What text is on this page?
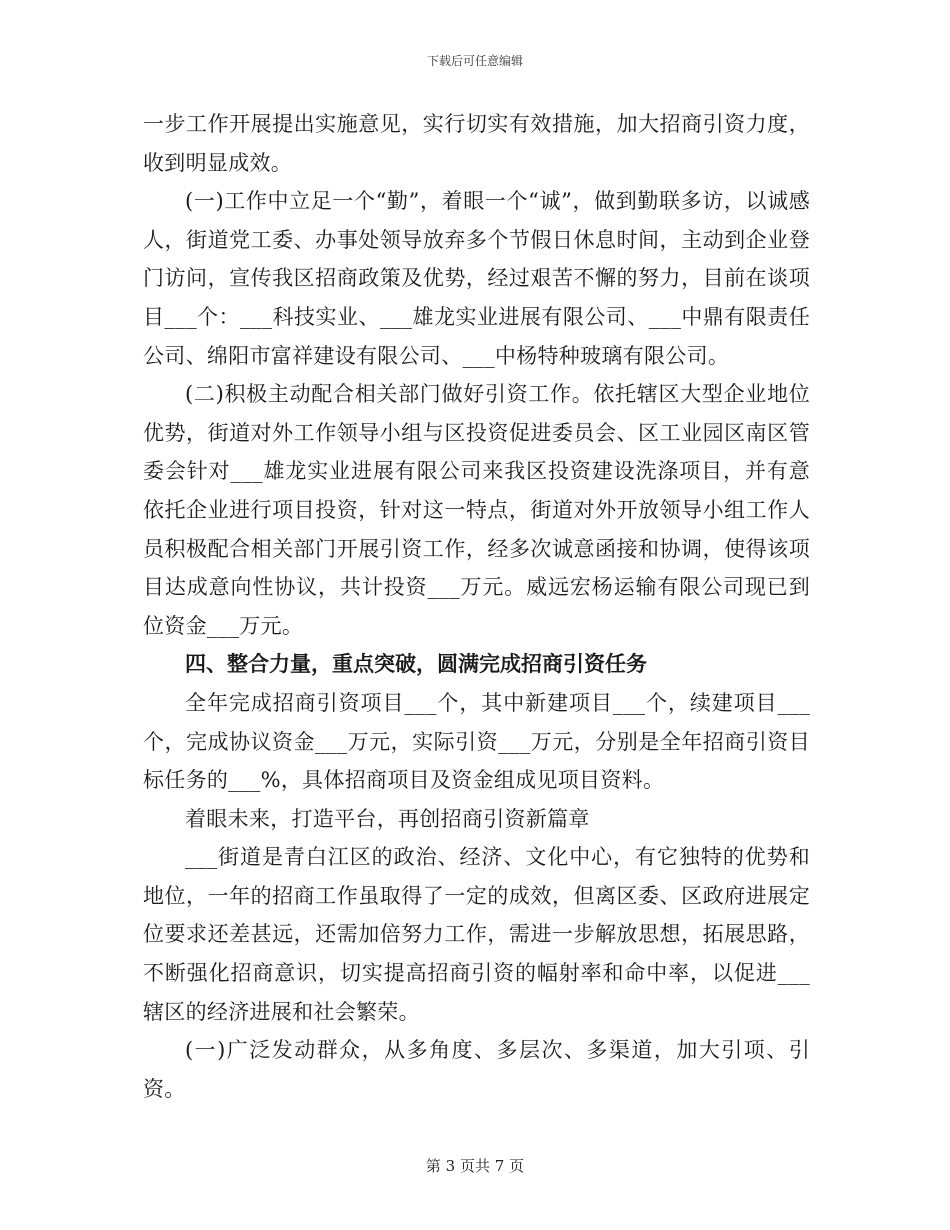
下载后可任意编辑

一步工作开展提出实施意见，实行切实有效措施，加大招商引资力度，收到明显成效。

(一)工作中立足一个“勤”，着眼一个“诚”，做到勤联多访，以诚感人，街道党工委、办事处领导放弃多个节假日休息时间，主动到企业登门访问，宣传我区招商政策及优势，经过艰苦不懈的努力，目前在谈项目___个：___科技实业、___雄龙实业进展有限公司、___中鼎有限责任公司、绵阳市富祥建设有限公司、___中杨特种玻璃有限公司。

(二)积极主动配合相关部门做好引资工作。依托辖区大型企业地位优势，街道对外工作领导小组与区投资促进委员会、区工业园区南区管委会针对___雄龙实业进展有限公司来我区投资建设洗涤项目，并有意依托企业进行项目投资，针对这一特点，街道对外开放领导小组工作人员积极配合相关部门开展引资工作，经多次诚意函接和协调，使得该项目达成意向性协议，共计投资___万元。威远宏杨运输有限公司现已到位资金___万元。

四、整合力量，重点突破，圆满完成招商引资任务

全年完成招商引资项目___个，其中新建项目___个，续建项目___个，完成协议资金___万元，实际引资___万元，分别是全年招商引资目标任务的___%，具体招商项目及资金组成见项目资料。

着眼未来，打造平台，再创招商引资新篇章

___街道是青白江区的政治、经济、文化中心，有它独特的优势和地位，一年的招商工作虽取得了一定的成效，但离区委、区政府进展定位要求还差甚远，还需加倍努力工作，需进一步解放思想，拓展思路，不断强化招商意识，切实提高招商引资的幅射率和命中率，以促进___辖区的经济进展和社会繁荣。

(一)广泛发动群众，从多角度、多层次、多渠道，加大引项、引资。

第 3 页共 7 页
